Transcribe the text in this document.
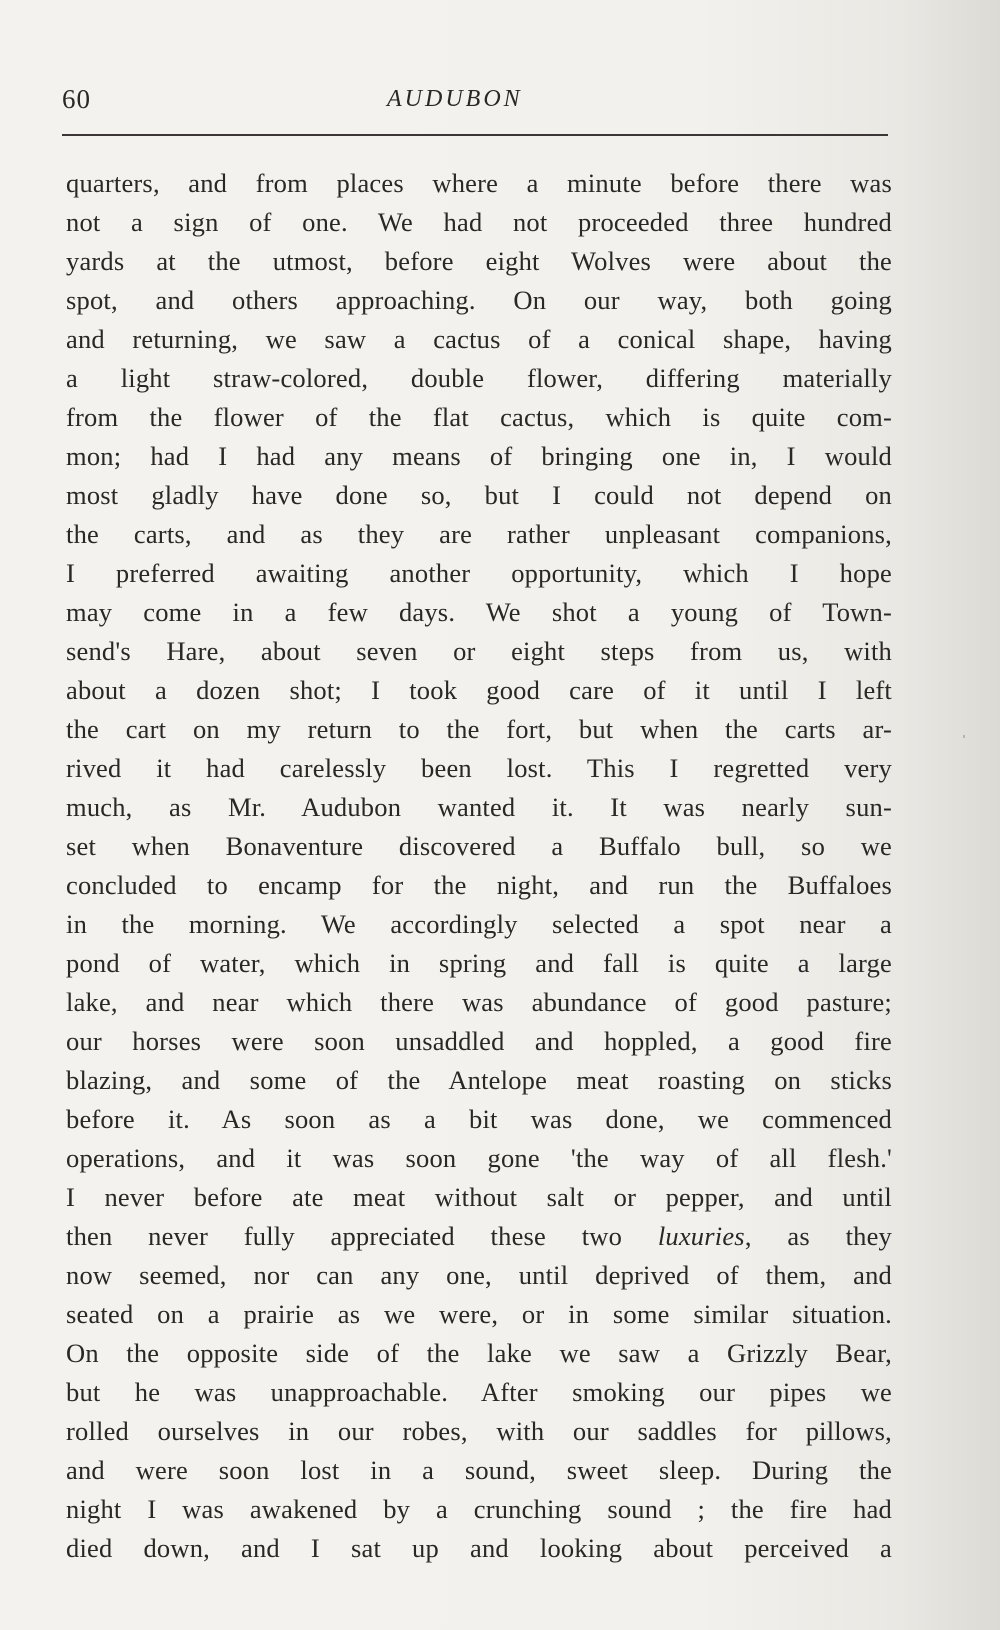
60	AUDUBON
quarters, and from places where a minute before there was
not a sign of one. We had not proceeded three hundred
yards at the utmost, before eight Wolves were about the
spot, and others approaching. On our way, both going
and returning, we saw a cactus of a conical shape, having
a light straw-colored, double flower, differing materially
from the flower of the flat cactus, which is quite com-
mon; had I had any means of bringing one in, I would
most gladly have done so, but I could not depend on
the carts, and as they are rather unpleasant companions,
I preferred awaiting another opportunity, which I hope
may come in a few days. We shot a young of Town-
send's Hare, about seven or eight steps from us, with
about a dozen shot; I took good care of it until I left
the cart on my return to the fort, but when the carts ar-
rived it had carelessly been lost. This I regretted very
much, as Mr. Audubon wanted it. It was nearly sun-
set when Bonaventure discovered a Buffalo bull, so we
concluded to encamp for the night, and run the Buffaloes
in the morning. We accordingly selected a spot near a
pond of water, which in spring and fall is quite a large
lake, and near which there was abundance of good pasture;
our horses were soon unsaddled and hoppled, a good fire
blazing, and some of the Antelope meat roasting on sticks
before it. As soon as a bit was done, we commenced
operations, and it was soon gone 'the way of all flesh.'
I never before ate meat without salt or pepper, and until
then never fully appreciated these two luxuries, as they
now seemed, nor can any one, until deprived of them, and
seated on a prairie as we were, or in some similar situation.
On the opposite side of the lake we saw a Grizzly Bear,
but he was unapproachable. After smoking our pipes we
rolled ourselves in our robes, with our saddles for pillows,
and were soon lost in a sound, sweet sleep. During the
night I was awakened by a crunching sound ; the fire had
died down, and I sat up and looking about perceived a
